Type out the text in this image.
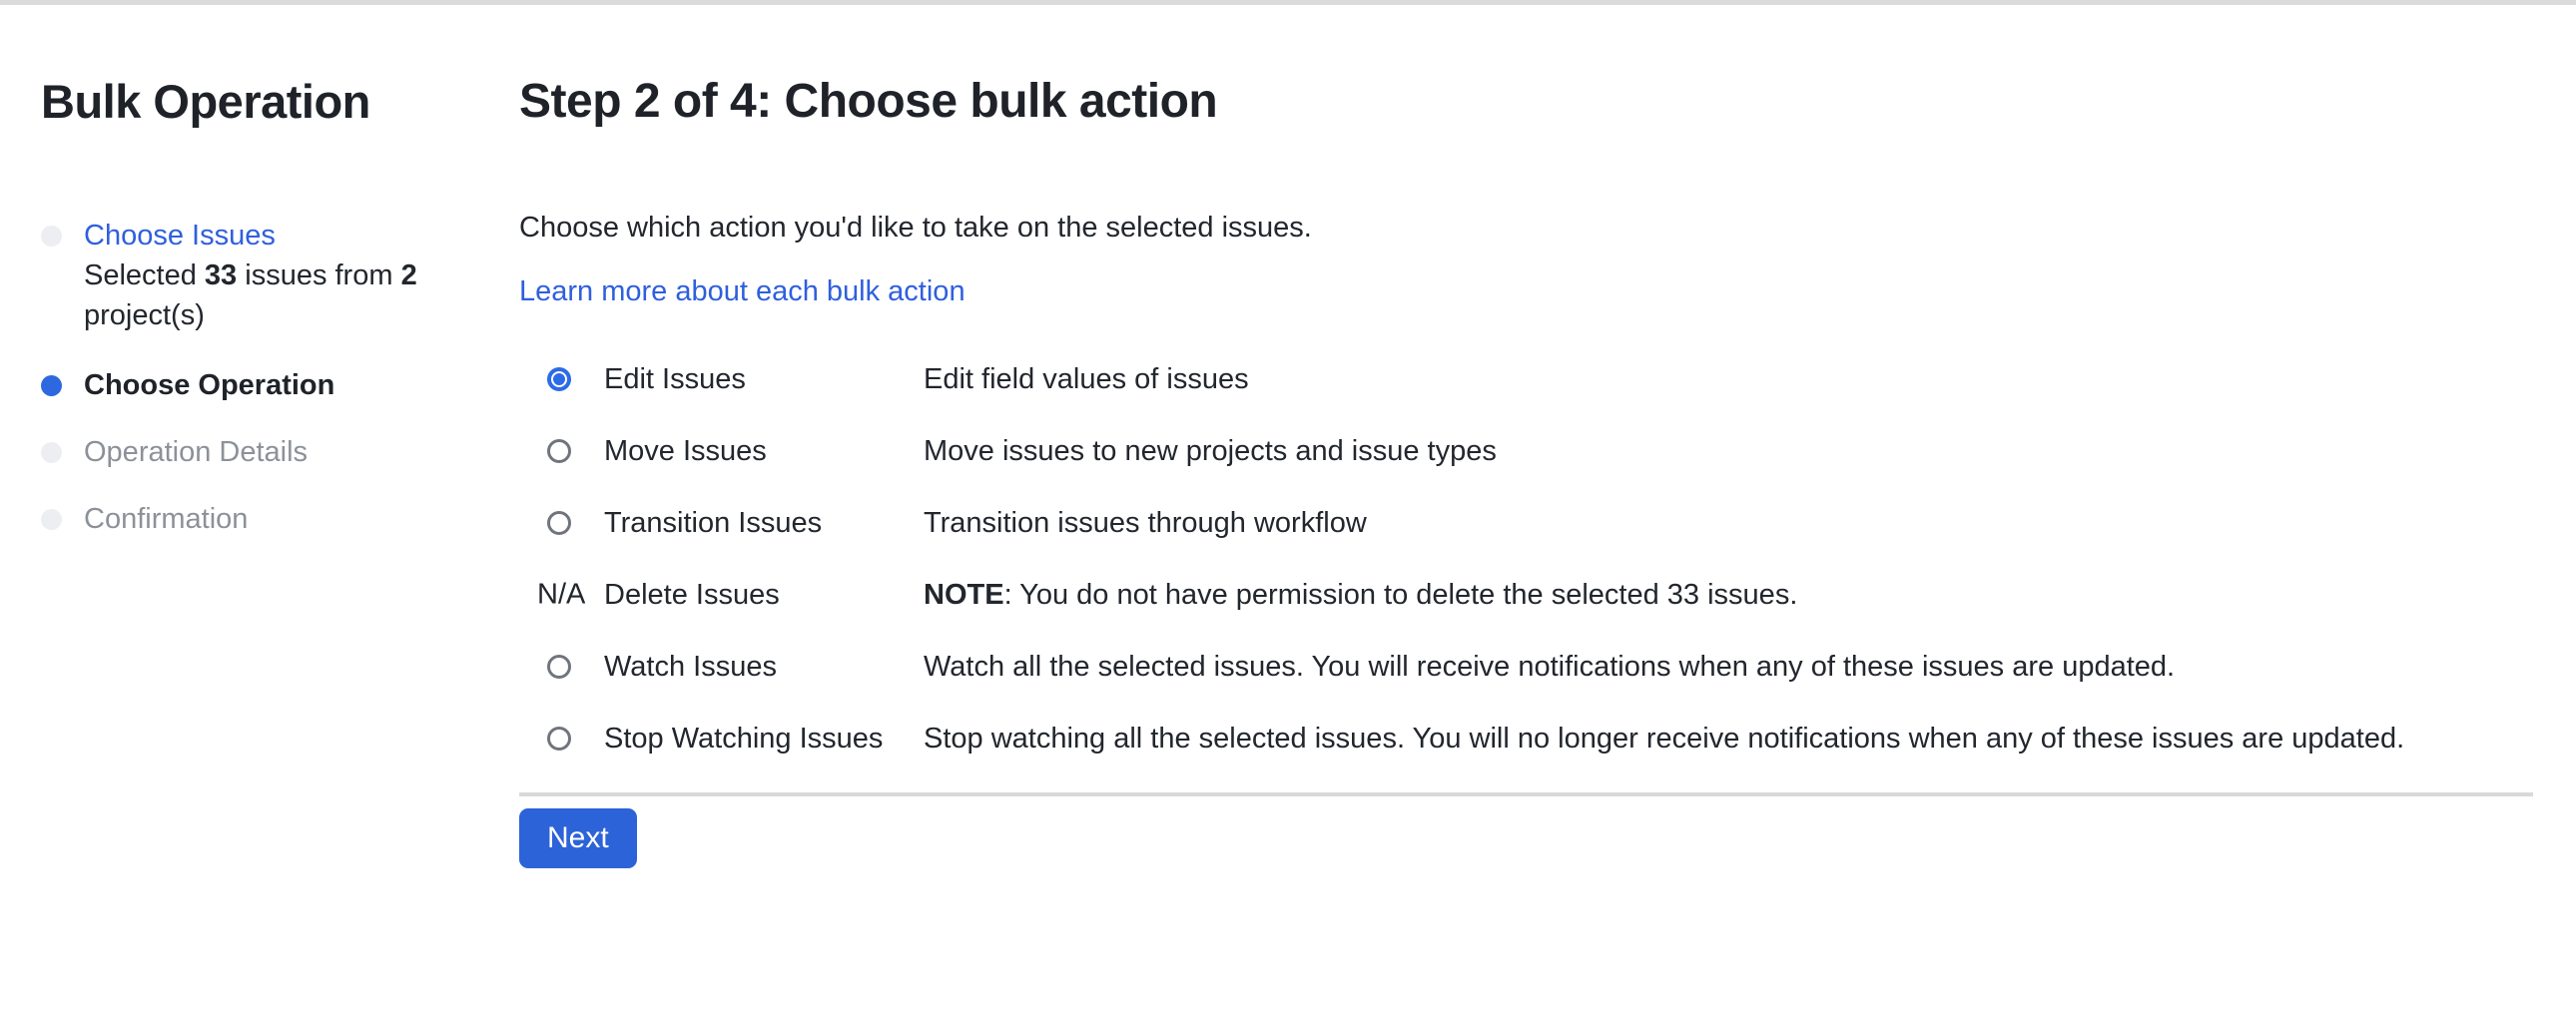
Bulk Operation
Choose Issues
Selected 33 issues from 2 project(s)
Choose Operation
Operation Details
Confirmation
Step 2 of 4: Choose bulk action
Choose which action you'd like to take on the selected issues.
Learn more about each bulk action
Edit Issues	Edit field values of issues
Move Issues	Move issues to new projects and issue types
Transition Issues	Transition issues through workflow
N/A Delete Issues	NOTE: You do not have permission to delete the selected 33 issues.
Watch Issues	Watch all the selected issues. You will receive notifications when any of these issues are updated.
Stop Watching Issues	Stop watching all the selected issues. You will no longer receive notifications when any of these issues are updated.
Next
